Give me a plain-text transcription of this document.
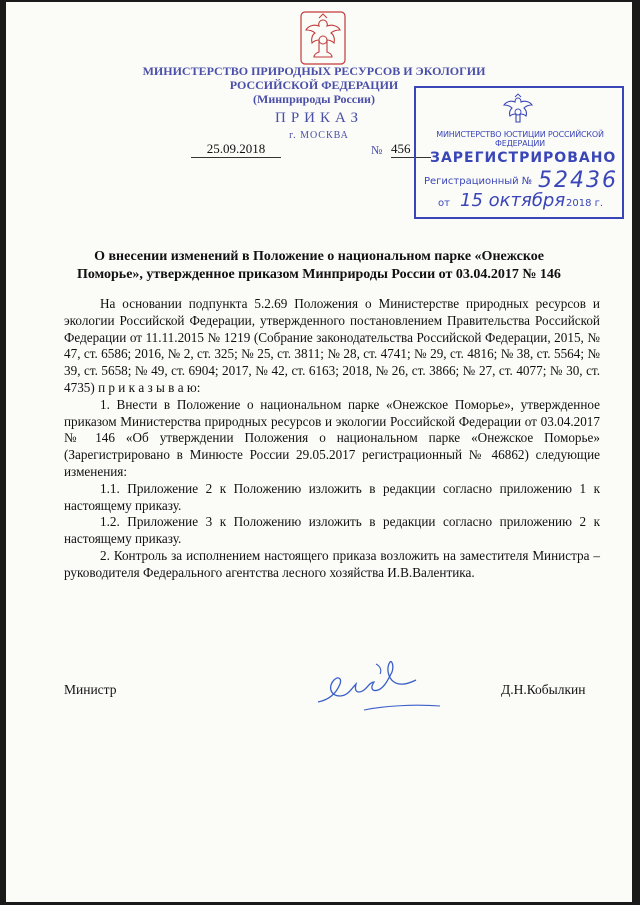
МИНИСТЕРСТВО ПРИРОДНЫХ РЕСУРСОВ И ЭКОЛОГИИ
РОССИЙСКОЙ ФЕДЕРАЦИИ
(Минприроды России)
ПРИКАЗ
г. МОСКВА
25.09.2018	№ 456
МИНИСТЕРСТВО ЮСТИЦИИ РОССИЙСКОЙ ФЕДЕРАЦИИ
ЗАРЕГИСТРИРОВАНО
Регистрационный № 52436
от 15 октября 2018 г.
О внесении изменений в Положение о национальном парке «Онежское Поморье», утвержденное приказом Минприроды России от 03.04.2017 № 146

На основании подпункта 5.2.69 Положения о Министерстве природных ресурсов и экологии Российской Федерации, утвержденного постановлением Правительства Российской Федерации от 11.11.2015 № 1219 (Собрание законодательства Российской Федерации, 2015, № 47, ст. 6586; 2016, № 2, ст. 325; № 25, ст. 3811; № 28, ст. 4741; № 29, ст. 4816; № 38, ст. 5564; № 39, ст. 5658; № 49, ст. 6904; 2017, № 42, ст. 6163; 2018, № 26, ст. 3866; № 27, ст. 4077; № 30, ст. 4735) п р и к а з ы в а ю:

1. Внести в Положение о национальном парке «Онежское Поморье», утвержденное приказом Министерства природных ресурсов и экологии Российской Федерации от 03.04.2017 № 146 «Об утверждении Положения о национальном парке «Онежское Поморье» (Зарегистрировано в Минюсте России 29.05.2017 регистрационный № 46862) следующие изменения:

1.1. Приложение 2 к Положению изложить в редакции согласно приложению 1 к настоящему приказу.

1.2. Приложение 3 к Положению изложить в редакции согласно приложению 2 к настоящему приказу.

2. Контроль за исполнением настоящего приказа возложить на заместителя Министра – руководителя Федерального агентства лесного хозяйства И.В.Валентика.

Министр	Д.Н.Кобылкин
